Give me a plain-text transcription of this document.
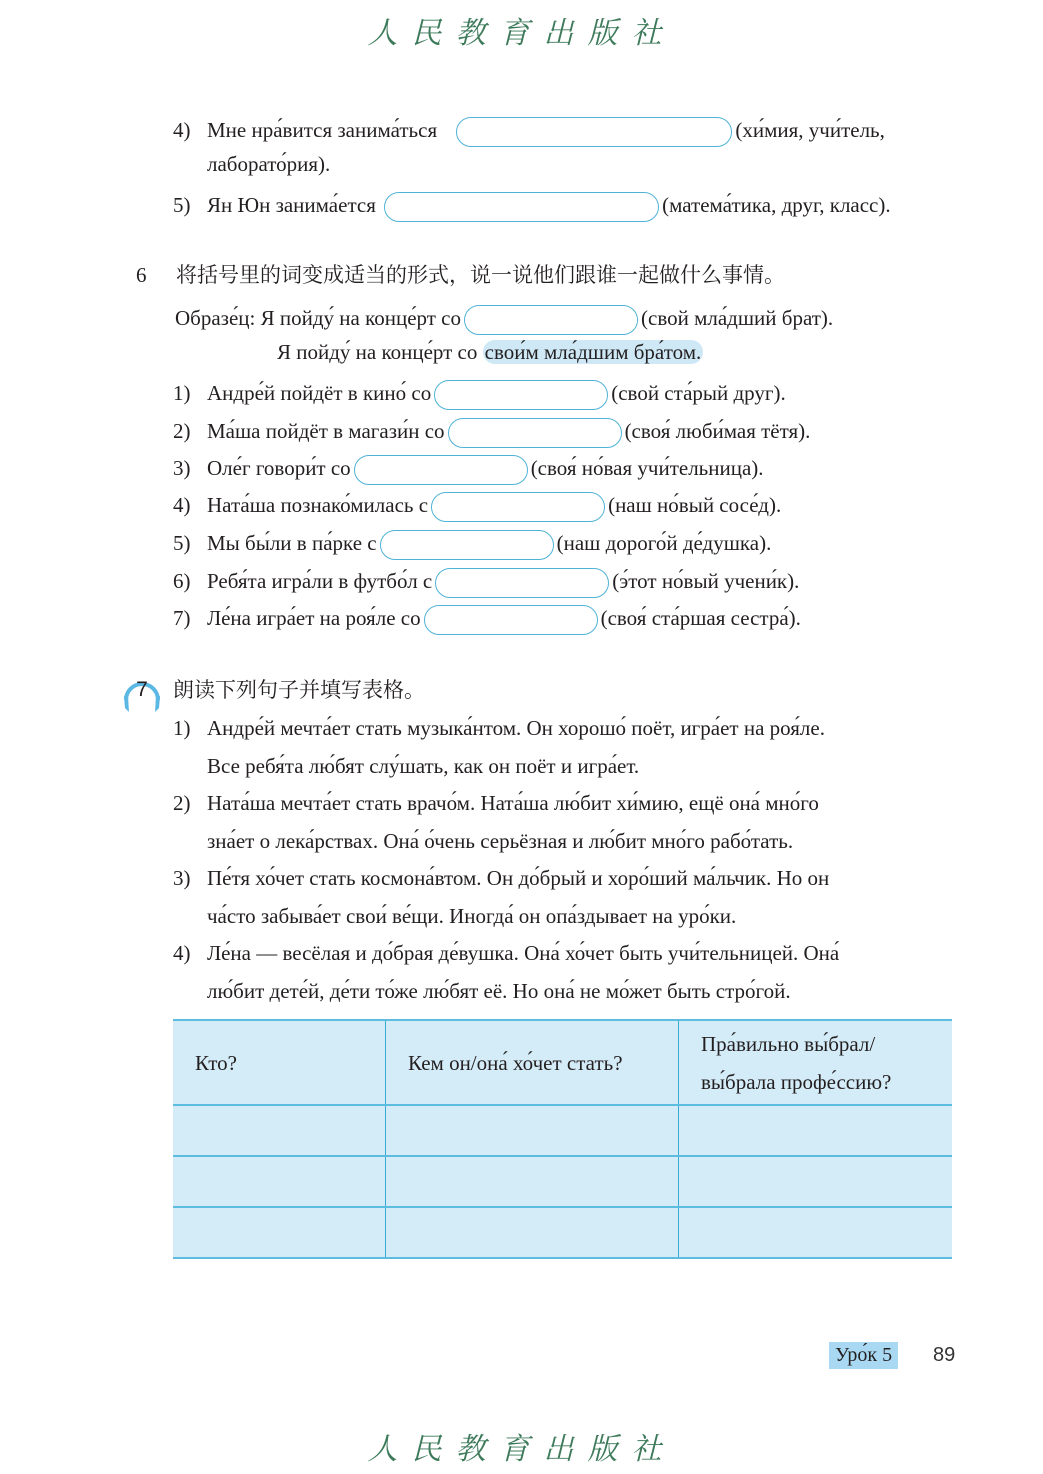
人民教育出版社
4) Мне нра́вится занима́ться	(хи́мия, учи́тель,
лаборато́рия).
5) Ян Юн занима́ется	(матема́тика, друг, класс).
6 将括号里的词变成适当的形式，说一说他们跟谁一起做什么事情。
Образе́ц: Я пойду́ на конце́рт со	(свой мла́дший брат).
Я пойду́ на конце́рт со свои́м мла́дшим бра́том.
1) Андре́й пойдёт в кино́ со	(свой ста́рый друг).
2) Ма́ша пойдёт в магази́н со	(своя́ люби́мая тётя).
3) Оле́г говори́т со	(своя́ но́вая учи́тельница).
4) Ната́ша познако́милась с	(наш но́вый сосе́д).
5) Мы бы́ли в па́рке с	(наш дорого́й де́душка).
6) Ребя́та игра́ли в футбо́л с	(э́тот но́вый учени́к).
7) Ле́на игра́ет на роя́ле со	(своя́ ста́ршая сестра́).
7	朗读下列句子并填写表格。
1) Андре́й мечта́ет стать музыка́нтом. Он хорошо́ поёт, игра́ет на роя́ле.
Все ребя́та лю́бят слу́шать, как он поёт и игра́ет.
2) Ната́ша мечта́ет стать врачо́м. Ната́ша лю́бит хи́мию, ещё она́ мно́го
зна́ет о лека́рствах. Она́ о́чень серьёзная и лю́бит мно́го рабо́тать.
3) Пе́тя хо́чет стать космона́втом. Он до́брый и хоро́ший ма́льчик. Но он
ча́сто забыва́ет свои́ ве́щи. Иногда́ он опа́здывает на уро́ки.
4) Ле́на — весёлая и до́брая де́вушка. Она́ хо́чет быть учи́тельницей. Она́
лю́бит дете́й, де́ти то́же лю́бят её. Но она́ не мо́жет быть стро́гой.
Кто?	Кем он/она́ хо́чет стать?	Пра́вильно вы́брал/
вы́брала профе́ссию?

Уро́к 5	89
人民教育出版社
